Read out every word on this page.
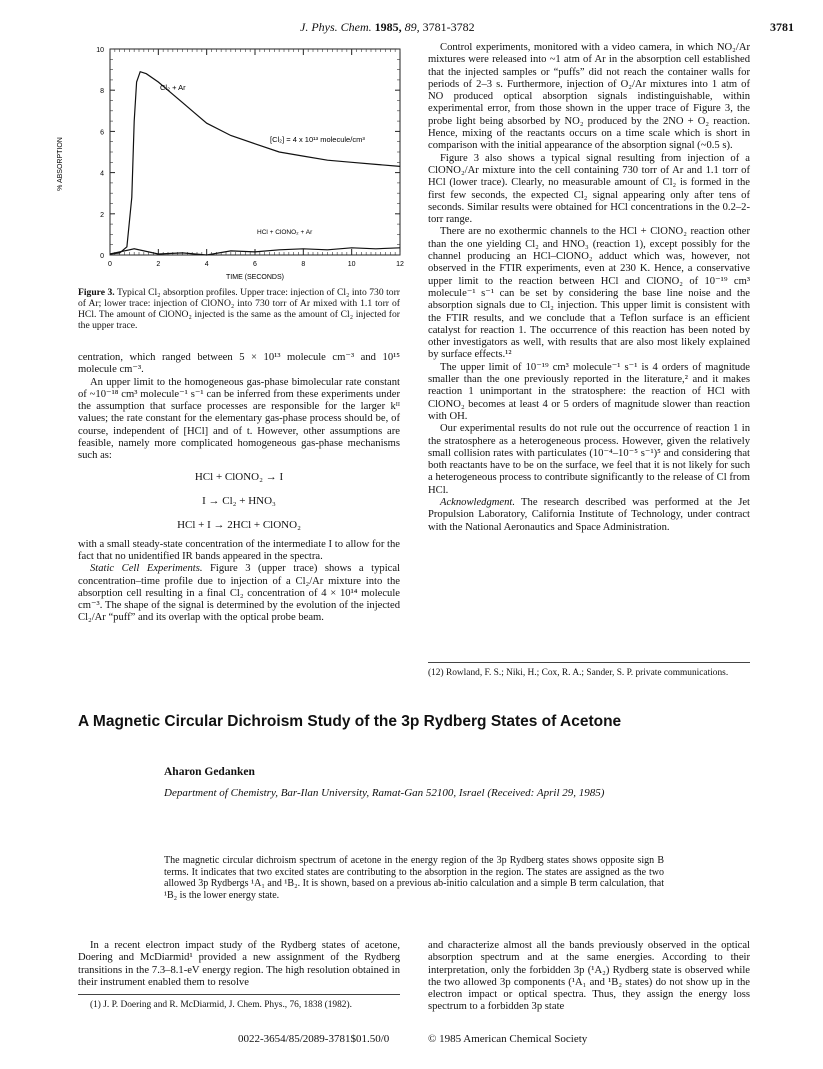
J. Phys. Chem. 1985, 89, 3781-3782	3781
0
2
4
6
8
10
0	2	4	6	8	10	12
% ABSORPTION
TIME (SECONDS)
Cl₂ + Ar
[Cl₂] = 4 x 10¹³ molecule/cm³
HCl + ClONO₂ + Ar
Figure 3. Typical Cl₂ absorption profiles. Upper trace: injection of Cl₂ into 730 torr of Ar; lower trace: injection of ClONO₂ into 730 torr of Ar mixed with 1.1 torr of HCl. The amount of ClONO₂ injected is the same as the amount of Cl₂ injected for the upper trace.

centration, which ranged between 5 × 10¹³ molecule cm⁻³ and 10¹⁵ molecule cm⁻³.

An upper limit to the homogeneous gas-phase bimolecular rate constant of ~10⁻¹⁸ cm³ molecule⁻¹ s⁻¹ can be inferred from these experiments under the assumption that surface processes are responsible for the larger kᴵᴵ values; the rate constant for the elementary gas-phase process should be, of course, independent of [HCl] and of t. However, other assumptions are feasible, namely more complicated homogeneous gas-phase mechanisms such as:

HCl + ClONO₂ → I
I → Cl₂ + HNO₃
HCl + I → 2HCl + ClONO₂

with a small steady-state concentration of the intermediate I to allow for the fact that no unidentified IR bands appeared in the spectra.

Static Cell Experiments. Figure 3 (upper trace) shows a typical concentration–time profile due to injection of a Cl₂/Ar mixture into the absorption cell resulting in a final Cl₂ concentration of 4 × 10¹⁴ molecule cm⁻³. The shape of the signal is determined by the evolution of the injected Cl₂/Ar “puff” and its overlap with the optical probe beam.

Control experiments, monitored with a video camera, in which NO₂/Ar mixtures were released into ~1 atm of Ar in the absorption cell established that the injected samples or “puffs” did not reach the container walls for periods of 2–3 s. Furthermore, injection of O₂/Ar mixtures into 1 atm of NO produced optical absorption signals indistinguishable, within experimental error, from those shown in the upper trace of Figure 3, the probe light being absorbed by NO₂ produced by the 2NO + O₂ reaction. Hence, mixing of the reactants occurs on a time scale which is short in comparison with the initial appearance of the absorption signal (~0.5 s).

Figure 3 also shows a typical signal resulting from injection of a ClONO₂/Ar mixture into the cell containing 730 torr of Ar and 1.1 torr of HCl (lower trace). Clearly, no measurable amount of Cl₂ is formed in the first few seconds, the expected Cl₂ signal appearing only after tens of seconds. Similar results were obtained for HCl concentrations in the 0.2–2-torr range.

There are no exothermic channels to the HCl + ClONO₂ reaction other than the one yielding Cl₂ and HNO₃ (reaction 1), except possibly for the channel producing an HCl–ClONO₂ adduct which was, however, not observed in the FTIR experiments, even at 230 K. Hence, a conservative upper limit to the reaction between HCl and ClONO₂ of 10⁻¹⁹ cm³ molecule⁻¹ s⁻¹ can be set by considering the base line noise and the absorption signals due to Cl₂ injection. This upper limit is consistent with the FTIR results, and we conclude that a Teflon surface is an efficient catalyst for reaction 1. The occurrence of this reaction has been noted by other investigators as well, with results that are also most likely explained by surface effects.¹²

The upper limit of 10⁻¹⁹ cm³ molecule⁻¹ s⁻¹ is 4 orders of magnitude smaller than the one previously reported in the literature,² and it makes reaction 1 unimportant in the stratosphere: the reaction of HCl with ClONO₂ becomes at least 4 or 5 orders of magnitude slower than reaction with OH.

Our experimental results do not rule out the occurrence of reaction 1 in the stratosphere as a heterogeneous process. However, given the relatively small collision rates with particulates (10⁻⁴–10⁻⁵ s⁻¹)⁵ and considering that both reactants have to be on the surface, we feel that it is not likely for such a heterogeneous process to contribute significantly to the release of Cl from HCl.

Acknowledgment. The research described was performed at the Jet Propulsion Laboratory, California Institute of Technology, under contract with the National Aeronautics and Space Administration.

(12) Rowland, F. S.; Niki, H.; Cox, R. A.; Sander, S. P. private communications.
A Magnetic Circular Dichroism Study of the 3p Rydberg States of Acetone
Aharon Gedanken
Department of Chemistry, Bar-Ilan University, Ramat-Gan 52100, Israel (Received: April 29, 1985)
The magnetic circular dichroism spectrum of acetone in the energy region of the 3p Rydberg states shows opposite sign B terms. It indicates that two excited states are contributing to the absorption in the region. The states are assigned as the two allowed 3p Rydbergs ¹A₁ and ¹B₂. It is shown, based on a previous ab-initio calculation and a simple B term calculation, that ¹B₂ is the lower energy state.

In a recent electron impact study of the Rydberg states of acetone, Doering and McDiarmid¹ provided a new assignment of the Rydberg transitions in the 7.3–8.1-eV energy region. The high resolution obtained in their instrument enabled them to resolve

(1) J. P. Doering and R. McDiarmid, J. Chem. Phys., 76, 1838 (1982).

and characterize almost all the bands previously observed in the optical absorption spectrum and at the same energies. According to their interpretation, only the forbidden 3p (¹A₂) Rydberg state is observed while the two allowed 3p components (¹A₁ and ¹B₂ states) do not show up in the electron impact or optical spectra. Thus, they assign the energy loss spectrum to a forbidden 3p state

0022-3654/85/2089-3781$01.50/0	© 1985 American Chemical Society
